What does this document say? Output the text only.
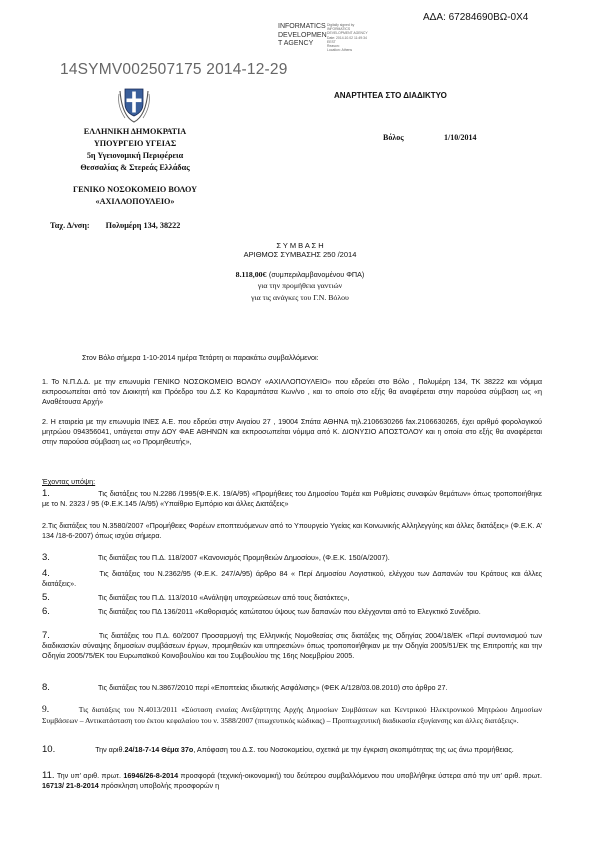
ΑΔΑ: 67284690ΒΩ-0Χ4
INFORMATICS
DEVELOPMEN
T AGENCY
Digitally signed by
INFORMATICS
DEVELOPMENT AGENCY
Date: 2014.10.02 11:49:34
EEST
Reason:
Location: Athens
14SYMV002507175 2014-12-29
ΑΝΑΡΤΗΤΕΑ ΣΤΟ ΔΙΑΔΙΚΤΥΟ
ΕΛΛΗΝΙΚΗ ΔΗΜΟΚΡΑΤΙΑ
ΥΠΟΥΡΓΕΙΟ ΥΓΕΙΑΣ
5η Υγειονομική Περιφέρεια
Θεσσαλίας & Στερεάς Ελλάδας
ΓΕΝΙΚΟ ΝΟΣΟΚΟΜΕΙΟ ΒΟΛΟΥ
«ΑΧΙΛΛΟΠΟΥΛΕΙΟ»
Βόλος	1/10/2014
Ταχ. Δ/νση: Πολυμέρη 134, 38222
Σ Υ Μ Β Α Σ Η
ΑΡΙΘΜΟΣ ΣΥΜΒΑΣΗΣ 250 /2014
8.118,00€ (συμπεριλαμβανομένου ΦΠΑ)
για την προμήθεια γαντιών
για τις ανάγκες του Γ.Ν. Βόλου
Στον Βόλο σήμερα 1-10-2014 ημέρα Τετάρτη οι παρακάτω συμβαλλόμενοι:
1. Το Ν.Π.Δ.Δ. με την επωνυμία ΓΕΝΙΚΟ ΝΟΣΟΚΟΜΕΙΟ ΒΟΛΟΥ «ΑΧΙΛΛΟΠΟΥΛΕΙΟ» που εδρεύει στο Βόλο , Πολυμέρη 134, ΤΚ 38222 και νόμιμα εκπροσωπείται από τον Διοικητή και Πρόεδρο του Δ.Σ Κο Καραμπάτσα Κων/νο , και το οποίο στο εξής θα αναφέρεται στην παρούσα σύμβαση ως «η Αναθέτουσα Αρχή»
2. Η εταιρεία με την επωνυμία ΙΝΕΣ Α.Ε. που εδρεύει στην Αιγαίου 27 , 19004 Σπάτα ΑΘΗΝΑ τηλ.2106630266 fax.2106630265, έχει αριθμό φορολογικού μητρώου 094356041, υπάγεται στην ΔΟΥ ΦΑΕ ΑΘΗΝΩΝ και εκπροσωπείται νόμιμα από Κ. ΔΙΟΝΥΣΙΟ ΑΠΟΣΤΟΛΟΥ και η οποία στο εξής θα αναφέρεται στην παρούσα σύμβαση ως «ο Προμηθευτής»,
Έχοντας υπόψη:
1.	Τις διατάξεις του Ν.2286 /1995(Φ.Ε.Κ. 19/Α/95) «Προμήθειες του Δημοσίου Τομέα και Ρυθμίσεις συναφών θεμάτων» όπως τροποποιήθηκε με το Ν. 2323 / 95 (Φ.Ε.Κ.145 /Α/95) «Υπαίθριο Εμπόριο και άλλες Διατάξεις»
2.Τις διατάξεις του Ν.3580/2007 «Προμήθειες Φορέων εποπτευόμενων από το Υπουργείο Υγείας και Κοινωνικής Αλληλεγγύης και άλλες διατάξεις» (Φ.Ε.Κ. Α’ 134 /18-6-2007) όπως ισχύει σήμερα.
3.	Τις διατάξεις του Π.Δ. 118/2007 «Κανονισμός Προμηθειών Δημοσίου», (Φ.Ε.Κ. 150/Α/2007).
4.	Τις διατάξεις του Ν.2362/95 (Φ.Ε.Κ. 247/Α/95) άρθρο 84 « Περί Δημοσίου Λογιστικού, ελέγχου των Δαπανών του Κράτους και άλλες διατάξεις».
5.	Τις διατάξεις του Π.Δ. 113/2010 «Ανάληψη υποχρεώσεων από τους διατάκτες»,
6.	Τις διατάξεις του ΠΔ 136/2011 «Καθορισμός κατώτατου ύψους των δαπανών που ελέγχονται από το Ελεγκτικό Συνέδριο.
7.	Τις διατάξεις του Π.Δ. 60/2007 Προσαρμογή της Ελληνικής Νομοθεσίας στις διατάξεις της Οδηγίας 2004/18/ΕΚ «Περί συντονισμού των διαδικασιών σύναψης δημοσίων συμβάσεων έργων, προμηθειών και υπηρεσιών» όπως τροποποιήθηκαν με την Οδηγία 2005/51/ΕΚ της Επιτροπής και την Οδηγία 2005/75/ΕΚ του Ευρωπαϊκού Κοινοβουλίου και του Συμβουλίου της 16ης Νοεμβρίου 2005.
8.	Τις διατάξεις του Ν.3867/2010 περί «Εποπτείας ιδιωτικής Ασφάλισης» (ΦΕΚ Α/128/03.08.2010) στο άρθρο 27.
9.	Τις διατάξεις του Ν.4013/2011 «Σύσταση ενιαίας Ανεξάρτητης Αρχής Δημοσίων Συμβάσεων και Κεντρικού Ηλεκτρονικού Μητρώου Δημοσίων Συμβάσεων – Αντικατάσταση του έκτου κεφαλαίου του ν. 3588/2007 (πτωχευτικός κώδικας) – Προπτωχευτική διαδικασία εξυγίανσης και άλλες διατάξεις».
10.	Την αριθ.24/18-7-14 Θέμα 37ο, Απόφαση του Δ.Σ. του Νοσοκομείου, σχετικά με την έγκριση σκοπιμότητας της ως άνω προμήθειας.
11. Την υπ’ αριθ. πρωτ. 16946/26-8-2014 προσφορά (τεχνική-οικονομική) του δεύτερου συμβαλλόμενου που υποβλήθηκε ύστερα από την υπ’ αριθ. πρωτ. 16713/ 21-8-2014 πρόσκληση υποβολής προσφορών η
